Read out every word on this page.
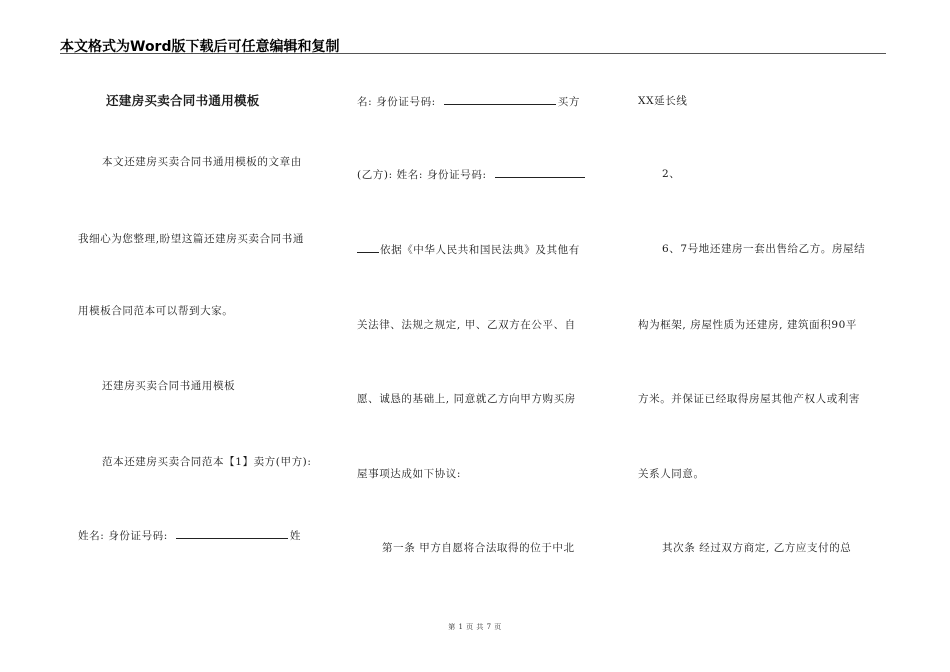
本文格式为Word版下载后可任意编辑和复制
还建房买卖合同书通用模板
本文还建房买卖合同书通用模板的文章由
我细心为您整理,盼望这篇还建房买卖合同书通
用模板合同范本可以帮到大家。
还建房买卖合同书通用模板
范本还建房买卖合同范本【1】卖方(甲方):
姓名: 身份证号码:	姓
名: 身份证号码:	买方
(乙方): 姓名: 身份证号码:
依据《中华人民共和国民法典》及其他有
关法律、法规之规定, 甲、乙双方在公平、自
愿、诚恳的基础上, 同意就乙方向甲方购买房
屋事项达成如下协议:
第一条 甲方自愿将合法取得的位于中北
XX延长线
2、
6、7号地还建房一套出售给乙方。房屋结
构为框架, 房屋性质为还建房, 建筑面积90平
方米。并保证已经取得房屋其他产权人或利害
关系人同意。
其次条 经过双方商定, 乙方应支付的总
第 1 页 共 7 页
